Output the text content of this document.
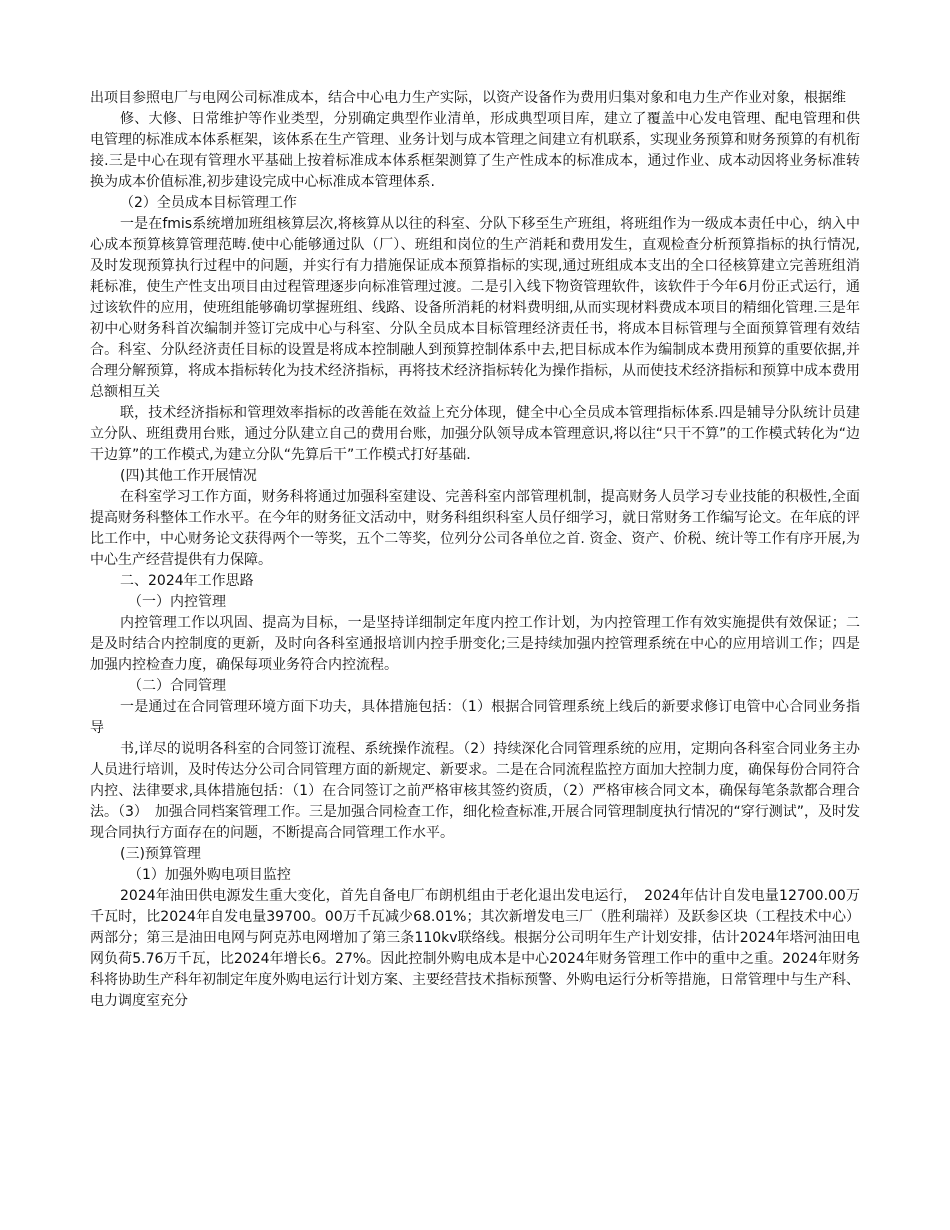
出项目参照电厂与电网公司标准成本，结合中心电力生产实际，以资产设备作为费用归集对象和电力生产作业对象，根据维

修、大修、日常维护等作业类型，分别确定典型作业清单，形成典型项目库，建立了覆盖中心发电管理、配电管理和供电管理的标准成本体系框架，该体系在生产管理、业务计划与成本管理之间建立有机联系，实现业务预算和财务预算的有机衔接.三是中心在现有管理水平基础上按着标准成本体系框架测算了生产性成本的标准成本，通过作业、成本动因将业务标准转换为成本价值标准,初步建设完成中心标准成本管理体系.

（2）全员成本目标管理工作

一是在fmis系统增加班组核算层次,将核算从以往的科室、分队下移至生产班组，将班组作为一级成本责任中心，纳入中心成本预算核算管理范畴.使中心能够通过队（厂）、班组和岗位的生产消耗和费用发生，直观检查分析预算指标的执行情况,及时发现预算执行过程中的问题，并实行有力措施保证成本预算指标的实现,通过班组成本支出的全口径核算建立完善班组消耗标准，使生产性支出项目由过程管理逐步向标准管理过渡。二是引入线下物资管理软件，该软件于今年6月份正式运行，通过该软件的应用，使班组能够确切掌握班组、线路、设备所消耗的材料费明细,从而实现材料费成本项目的精细化管理.三是年初中心财务科首次编制并签订完成中心与科室、分队全员成本目标管理经济责任书，将成本目标管理与全面预算管理有效结合。科室、分队经济责任目标的设置是将成本控制融人到预算控制体系中去,把目标成本作为编制成本费用预算的重要依据,并合理分解预算，将成本指标转化为技术经济指标，再将技术经济指标转化为操作指标，从而使技术经济指标和预算中成本费用总额相互关

联，技术经济指标和管理效率指标的改善能在效益上充分体现，健全中心全员成本管理指标体系.四是辅导分队统计员建立分队、班组费用台账，通过分队建立自己的费用台账，加强分队领导成本管理意识,将以往“只干不算”的工作模式转化为“边干边算”的工作模式,为建立分队“先算后干”工作模式打好基础.

(四)其他工作开展情况

在科室学习工作方面，财务科将通过加强科室建设、完善科室内部管理机制，提高财务人员学习专业技能的积极性,全面提高财务科整体工作水平。在今年的财务征文活动中，财务科组织科室人员仔细学习，就日常财务工作编写论文。在年底的评比工作中，中心财务论文获得两个一等奖，五个二等奖，位列分公司各单位之首. 资金、资产、价税、统计等工作有序开展,为中心生产经营提供有力保障。

二、2024年工作思路

（一）内控管理

内控管理工作以巩固、提高为目标，一是坚持详细制定年度内控工作计划，为内控管理工作有效实施提供有效保证；二是及时结合内控制度的更新，及时向各科室通报培训内控手册变化;三是持续加强内控管理系统在中心的应用培训工作；四是加强内控检查力度，确保每项业务符合内控流程。

（二）合同管理

一是通过在合同管理环境方面下功夫，具体措施包括：（1）根据合同管理系统上线后的新要求修订电管中心合同业务指导

书,详尽的说明各科室的合同签订流程、系统操作流程。（2）持续深化合同管理系统的应用，定期向各科室合同业务主办人员进行培训，及时传达分公司合同管理方面的新规定、新要求。二是在合同流程监控方面加大控制力度，确保每份合同符合内控、法律要求,具体措施包括：（1）在合同签订之前严格审核其签约资质，（2）严格审核合同文本，确保每笔条款都合理合法。（3）　加强合同档案管理工作。三是加强合同检查工作，细化检查标准,开展合同管理制度执行情况的“穿行测试”，及时发现合同执行方面存在的问题，不断提高合同管理工作水平。

(三)预算管理

（1）加强外购电项目监控

2024年油田供电源发生重大变化，首先自备电厂布朗机组由于老化退出发电运行，　2024年估计自发电量12700.00万千瓦时，比2024年自发电量39700。00万千瓦减少68.01%；其次新增发电三厂（胜利瑞祥）及跃参区块（工程技术中心）两部分；第三是油田电网与阿克苏电网增加了第三条110kv联络线。根据分公司明年生产计划安排，估计2024年塔河油田电网负荷5.76万千瓦，比2024年增长6。27%。因此控制外购电成本是中心2024年财务管理工作中的重中之重。2024年财务科将协助生产科年初制定年度外购电运行计划方案、主要经营技术指标预警、外购电运行分析等措施，日常管理中与生产科、电力调度室充分
